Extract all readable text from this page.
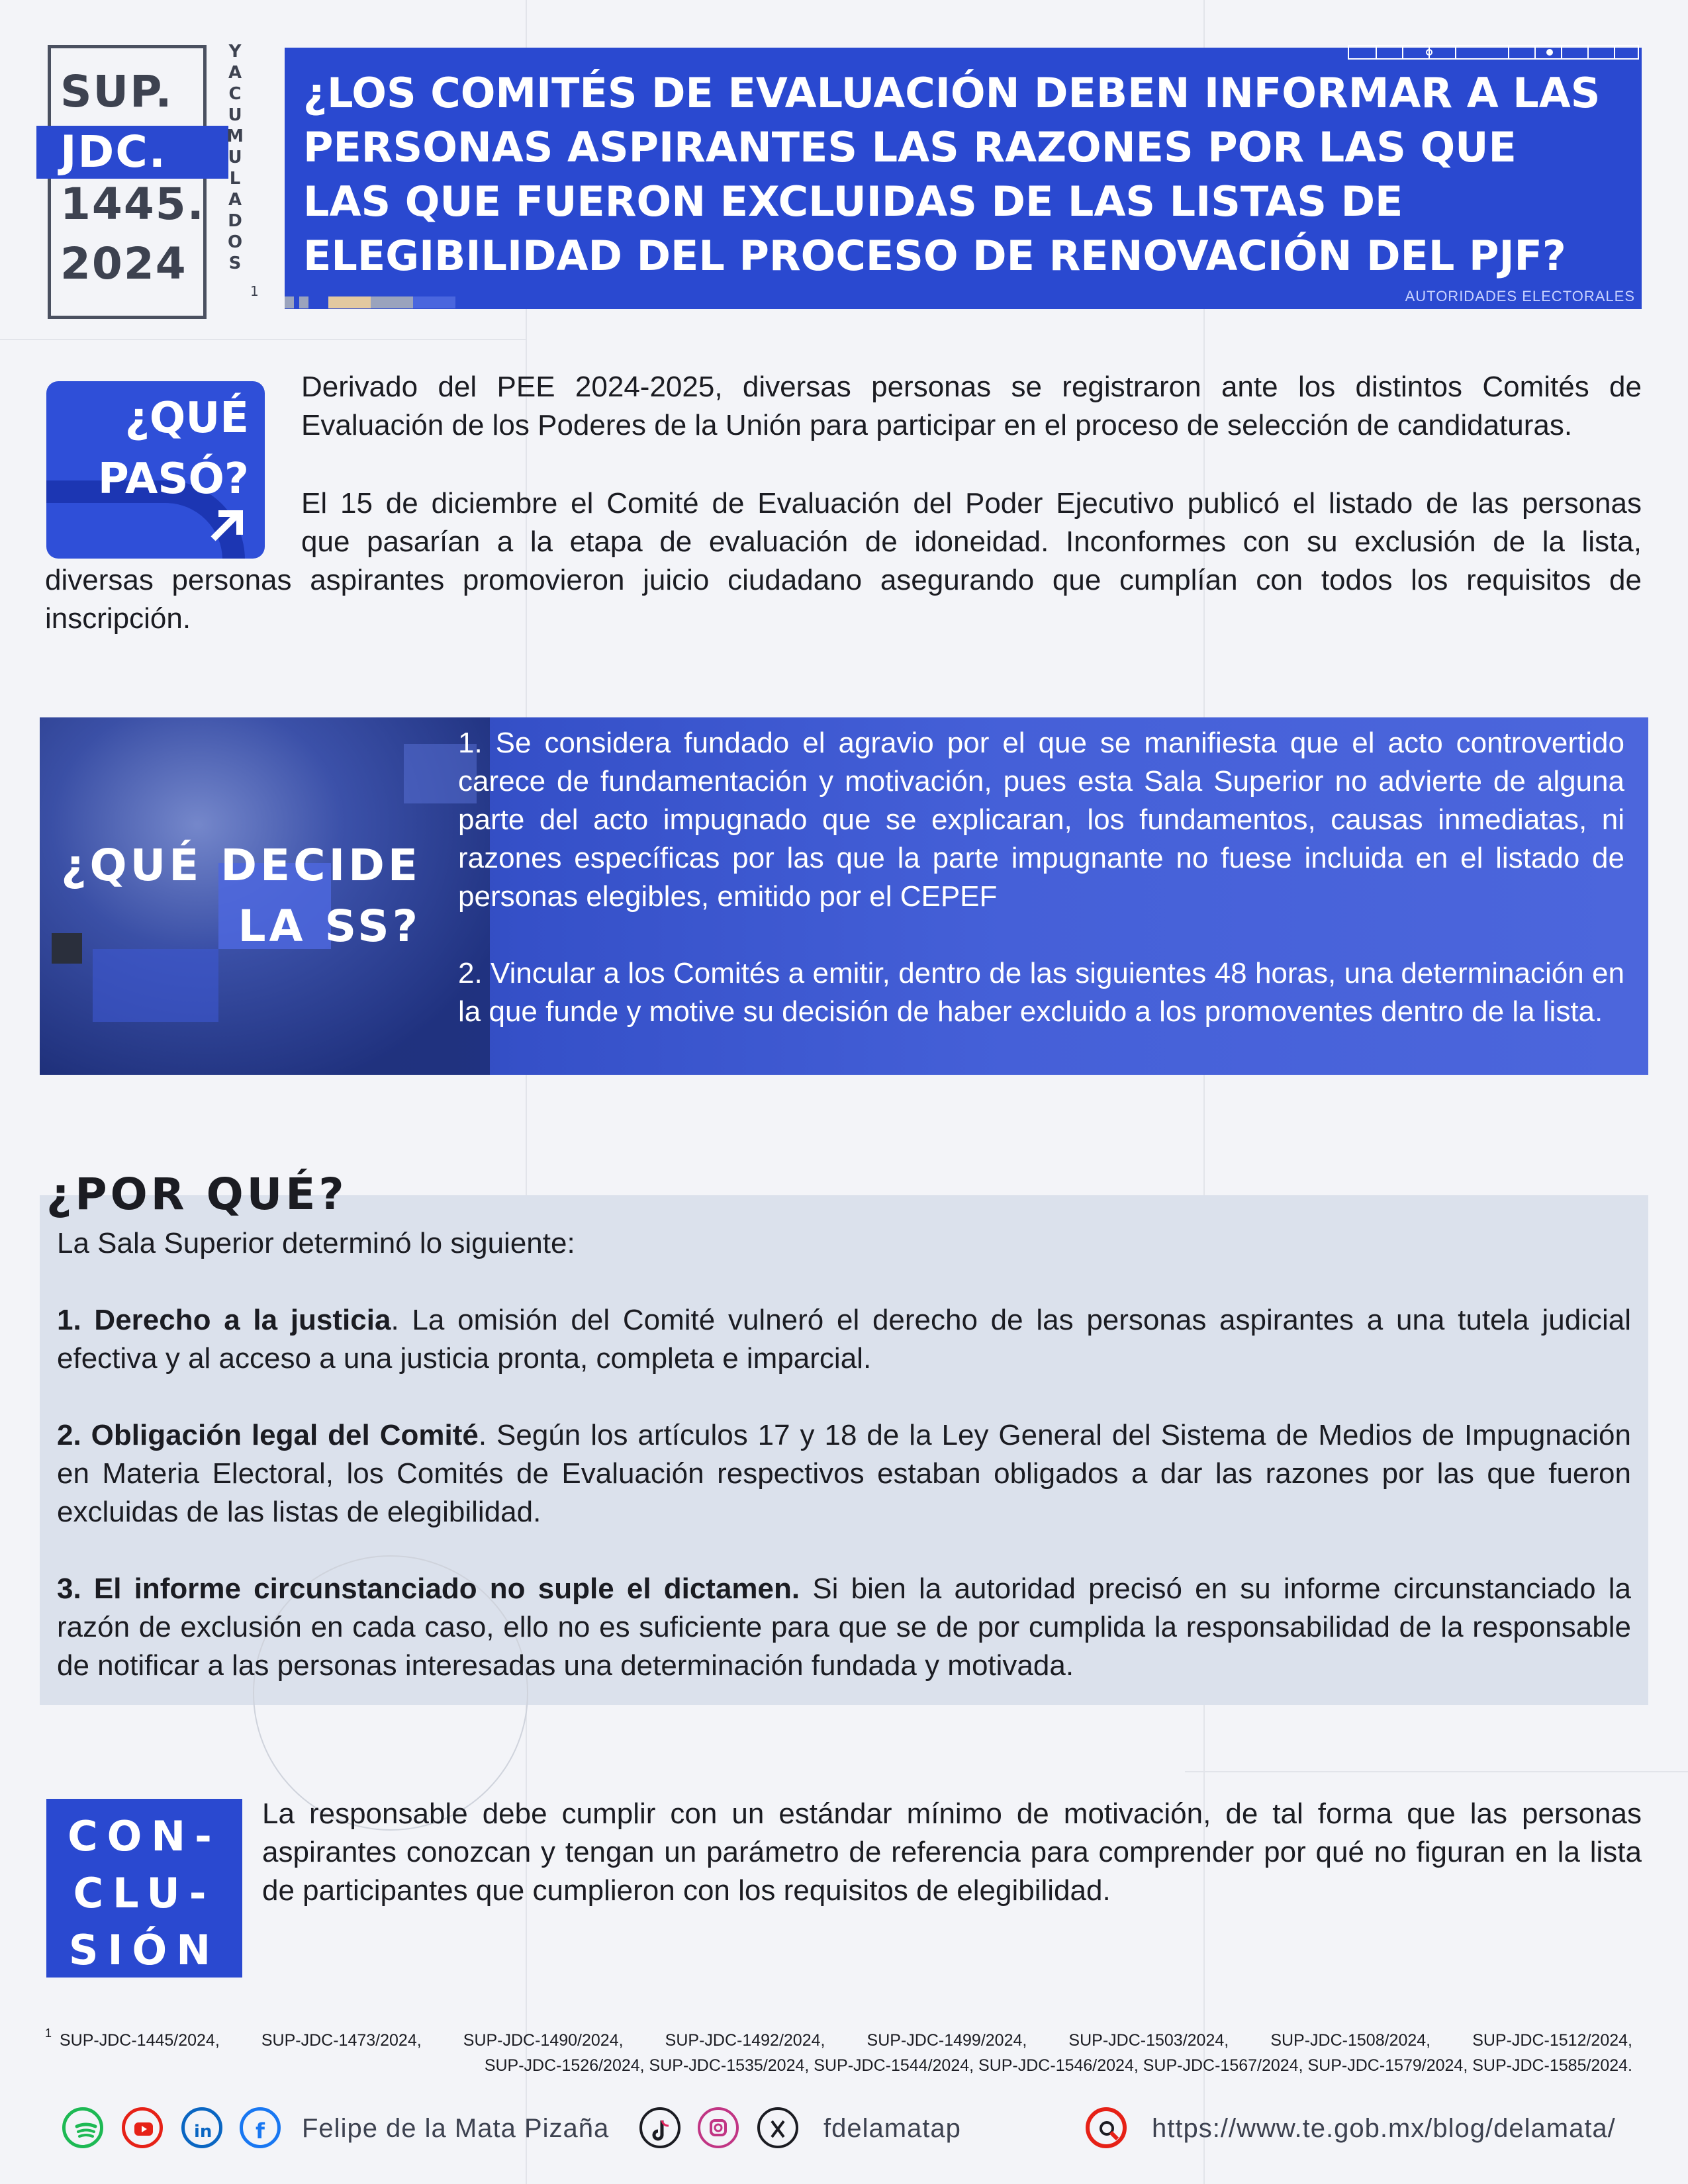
SUP.
JDC.
1445.
2024
Y
A
C
U
M
U
L
A
D
O
S
1
¿LOS COMITÉS DE EVALUACIÓN DEBEN INFORMAR A LAS PERSONAS ASPIRANTES LAS RAZONES POR LAS QUE LAS QUE FUERON EXCLUIDAS DE LAS LISTAS DE ELEGIBILIDAD DEL PROCESO DE RENOVACIÓN DEL PJF?
AUTORIDADES ELECTORALES
¿QUÉ
PASÓ?
Derivado del PEE 2024-2025, diversas personas se registraron ante los distintos Comités de
Evaluación de los Poderes de la Unión para participar en el proceso de selección de candidaturas.
El 15 de diciembre el Comité de Evaluación del Poder Ejecutivo publicó el listado de las personas
que pasarían a la etapa de evaluación de idoneidad. Inconformes con su exclusión de la lista,
diversas personas aspirantes promovieron juicio ciudadano asegurando que cumplían con todos los requisitos de
inscripción.
¿QUÉ DECIDE
LA SS?

1. Se considera fundado el agravio por el que se manifiesta que el acto controvertido carece de fundamentación y motivación, pues esta Sala Superior no advierte de alguna parte del acto impugnado que se explicaran, los fundamentos, causas inmediatas, ni razones específicas por las que la parte impugnante no fuese incluida en el listado de personas elegibles, emitido por el CEPEF

2. Vincular a los Comités a emitir, dentro de las siguientes 48 horas, una determinación en la que funde y motive su decisión de haber excluido a los promoventes dentro de la lista.

¿POR QUÉ?

La Sala Superior determinó lo siguiente:

1. Derecho a la justicia. La omisión del Comité vulneró el derecho de las personas aspirantes a una tutela judicial efectiva y al acceso a una justicia pronta, completa e imparcial.

2. Obligación legal del Comité. Según los artículos 17 y 18 de la Ley General del Sistema de Medios de Impugnación en Materia Electoral, los Comités de Evaluación respectivos estaban obligados a dar las razones por las que fueron excluidas de las listas de elegibilidad.

3. El informe circunstanciado no suple el dictamen. Si bien la autoridad precisó en su informe circunstanciado la razón de exclusión en cada caso, ello no es suficiente para que se de por cumplida la responsabilidad de la responsable de notificar a las personas interesadas una determinación fundada y motivada.

CON-
CLU-
SIÓN
La responsable debe cumplir con un estándar mínimo de motivación, de tal forma que las personas aspirantes conozcan y tengan un parámetro de referencia para comprender por qué no figuran en la lista de participantes que cumplieron con los requisitos de elegibilidad.
1 SUP-JDC-1445/2024, SUP-JDC-1473/2024, SUP-JDC-1490/2024, SUP-JDC-1492/2024, SUP-JDC-1499/2024, SUP-JDC-1503/2024, SUP-JDC-1508/2024, SUP-JDC-1512/2024,
SUP-JDC-1526/2024, SUP-JDC-1535/2024, SUP-JDC-1544/2024, SUP-JDC-1546/2024, SUP-JDC-1567/2024, SUP-JDC-1579/2024, SUP-JDC-1585/2024.
in f Felipe de la Mata Pizaña	fdelamatap	https://www.te.gob.mx/blog/delamata/
